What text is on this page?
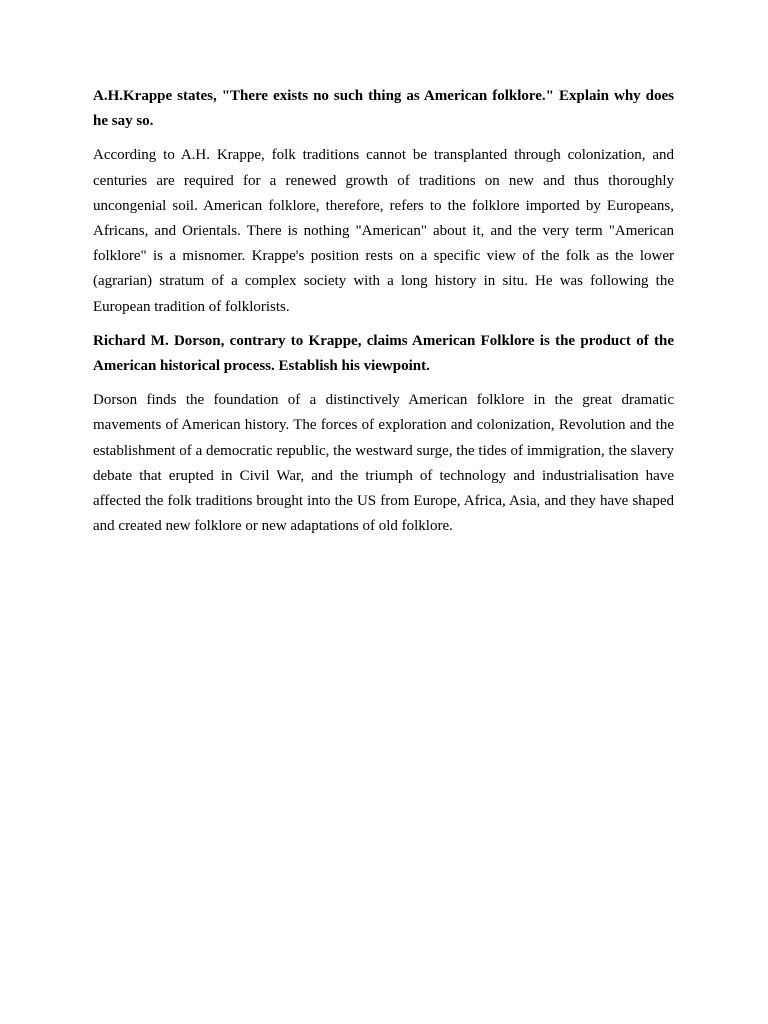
A.H.Krappe states, "There exists no such thing as American folklore." Explain why does he say so.

According to A.H. Krappe, folk traditions cannot be transplanted through colonization, and centuries are required for a renewed growth of traditions on new and thus thoroughly uncongenial soil. American folklore, therefore, refers to the folklore imported by Europeans, Africans, and Orientals. There is nothing "American" about it, and the very term "American folklore" is a misnomer. Krappe's position rests on a specific view of the folk as the lower (agrarian) stratum of a complex society with a long history in situ. He was following the European tradition of folklorists.

Richard M. Dorson, contrary to Krappe, claims American Folklore is the product of the American historical process. Establish his viewpoint.

Dorson finds the foundation of a distinctively American folklore in the great dramatic mavements of American history. The forces of exploration and colonization, Revolution and the establishment of a democratic republic, the westward surge, the tides of immigration, the slavery debate that erupted in Civil War, and the triumph of technology and industrialisation have affected the folk traditions brought into the US from Europe, Africa, Asia, and they have shaped and created new folklore or new adaptations of old folklore.
